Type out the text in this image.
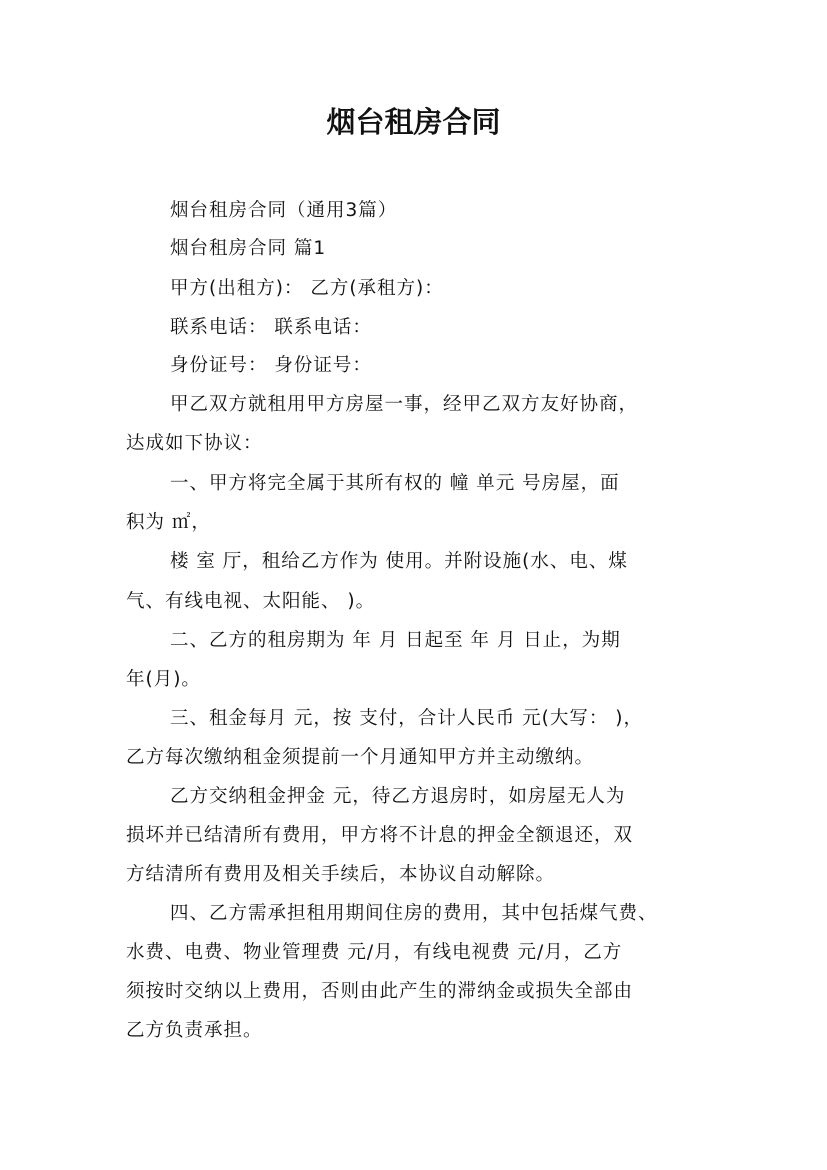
烟台租房合同
烟台租房合同（通用3篇）
烟台租房合同 篇1
甲方(出租方)： 乙方(承租方)：
联系电话： 联系电话：
身份证号： 身份证号：
甲乙双方就租用甲方房屋一事，经甲乙双方友好协商，
达成如下协议：
一、甲方将完全属于其所有权的 幢 单元 号房屋，面
积为 ㎡，
楼 室 厅，租给乙方作为 使用。并附设施(水、电、煤
气、有线电视、太阳能、 )。
二、乙方的租房期为 年 月 日起至 年 月 日止，为期
年(月)。
三、租金每月 元，按 支付，合计人民币 元(大写： )，
乙方每次缴纳租金须提前一个月通知甲方并主动缴纳。
乙方交纳租金押金 元，待乙方退房时，如房屋无人为
损坏并已结清所有费用，甲方将不计息的押金全额退还，双
方结清所有费用及相关手续后，本协议自动解除。
四、乙方需承担租用期间住房的费用，其中包括煤气费、
水费、电费、物业管理费 元/月，有线电视费 元/月，乙方
须按时交纳以上费用，否则由此产生的滞纳金或损失全部由
乙方负责承担。
